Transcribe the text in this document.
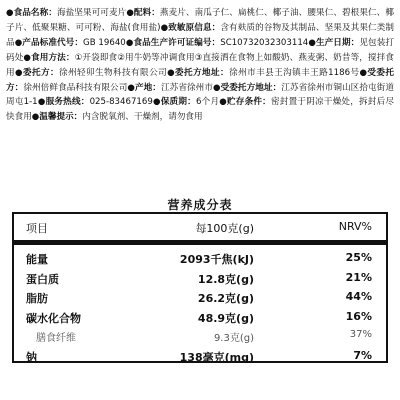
●食品名称：海盐坚果可可麦片●配料：燕麦片、南瓜子仁、扁桃仁、椰子油、腰果仁、碧根果仁、椰子片、低聚果糖、可可粉、海盐(食用盐)●致敏原信息：含有麸质的谷物及其制品、坚果及其果仁类制品●产品标准代号：GB 19640●食品生产许可证编号：SC10732032303114●生产日期：见包装打码处●食用方法：①开袋即食②用牛奶等冲调食用③直接洒在食物上如酸奶、燕麦粥、奶昔等，搅拌食用●委托方：徐州轻卯生物科技有限公司●委托方地址：徐州市丰县王沟镇丰王路1186号●受委托方：徐州倍鲜食品科技有限公司●产地：江苏省徐州市●受委托方地址：江苏省徐州市铜山区拾屯街道周屯1-1●服务热线：025-83467169●保质期：6个月●贮存条件：密封置于阴凉干燥处，拆封后尽快食用●温馨提示：内含脱氧剂、干燥剂，请勿食用
营养成分表
项目	每100克(g)	NRV%
能量	2093千焦(kJ)	25%
蛋白质	12.8克(g)	21%
脂肪	26.2克(g)	44%
碳水化合物	48.9克(g)	16%
膳食纤维	9.3克(g)	37%
钠	138毫克(mg)	7%
